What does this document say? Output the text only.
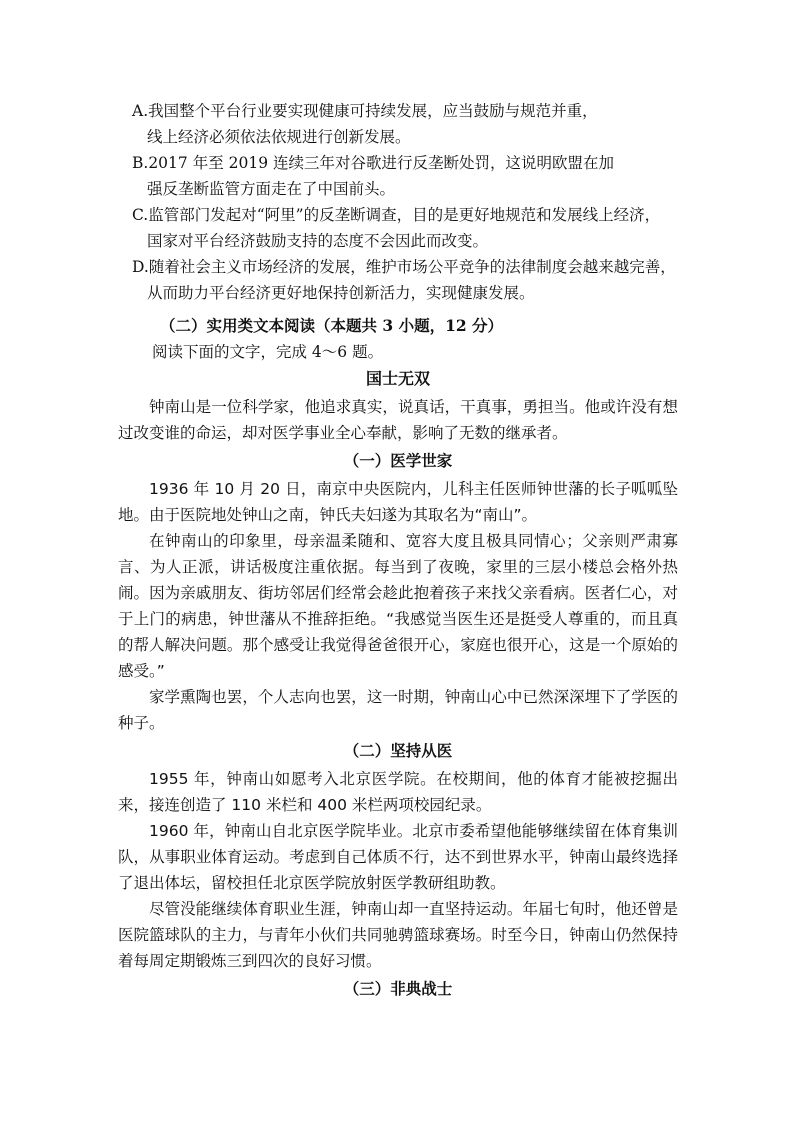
A.我国整个平台行业要实现健康可持续发展，应当鼓励与规范并重，
线上经济必须依法依规进行创新发展。
B.2017 年至 2019 连续三年对谷歌进行反垄断处罚，这说明欧盟在加
强反垄断监管方面走在了中国前头。
C.监管部门发起对“阿里”的反垄断调查，目的是更好地规范和发展线上经济，
国家对平台经济鼓励支持的态度不会因此而改变。
D.随着社会主义市场经济的发展，维护市场公平竞争的法律制度会越来越完善，
从而助力平台经济更好地保持创新活力，实现健康发展。
（二）实用类文本阅读（本题共 3 小题，12 分）
阅读下面的文字，完成 4～6 题。
国士无双

钟南山是一位科学家，他追求真实，说真话，干真事，勇担当。他或许没有想过改变谁的命运，却对医学事业全心奉献，影响了无数的继承者。

（一）医学世家

1936 年 10 月 20 日，南京中央医院内，儿科主任医师钟世藩的长子呱呱坠地。由于医院地处钟山之南，钟氏夫妇遂为其取名为“南山”。

在钟南山的印象里，母亲温柔随和、宽容大度且极具同情心；父亲则严肃寡言、为人正派，讲话极度注重依据。每当到了夜晚，家里的三层小楼总会格外热闹。因为亲戚朋友、街坊邻居们经常会趁此抱着孩子来找父亲看病。医者仁心，对于上门的病患，钟世藩从不推辞拒绝。“我感觉当医生还是挺受人尊重的，而且真的帮人解决问题。那个感受让我觉得爸爸很开心，家庭也很开心，这是一个原始的感受。”

家学熏陶也罢，个人志向也罢，这一时期，钟南山心中已然深深埋下了学医的种子。

（二）坚持从医

1955 年，钟南山如愿考入北京医学院。在校期间，他的体育才能被挖掘出来，接连创造了 110 米栏和 400 米栏两项校园纪录。

1960 年，钟南山自北京医学院毕业。北京市委希望他能够继续留在体育集训队，从事职业体育运动。考虑到自己体质不行，达不到世界水平，钟南山最终选择了退出体坛，留校担任北京医学院放射医学教研组助教。

尽管没能继续体育职业生涯，钟南山却一直坚持运动。年届七旬时，他还曾是医院篮球队的主力，与青年小伙们共同驰骋篮球赛场。时至今日，钟南山仍然保持着每周定期锻炼三到四次的良好习惯。

（三）非典战士
